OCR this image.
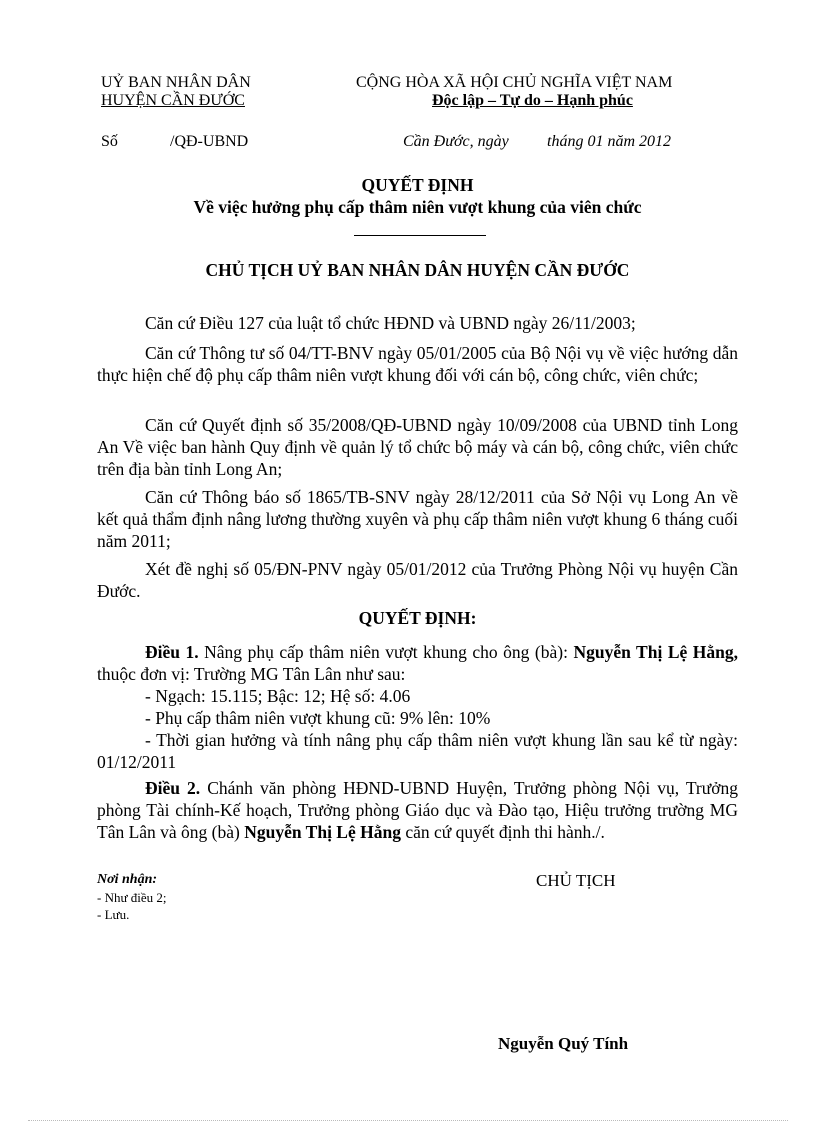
UỶ BAN NHÂN DÂN
HUYỆN CẦN ĐƯỚC
CỘNG HÒA XÃ HỘI CHỦ NGHĨA VIỆT NAM
Độc lập – Tự do – Hạnh phúc
Số	/QĐ-UBND	Cần Đước, ngày tháng 01 năm 2012
QUYẾT ĐỊNH
Về việc hưởng phụ cấp thâm niên vượt khung của viên chức
CHỦ TỊCH UỶ BAN NHÂN DÂN HUYỆN CẦN ĐƯỚC
Căn cứ Điều 127 của luật tổ chức HĐND và UBND ngày 26/11/2003;
Căn cứ Thông tư số 04/TT-BNV ngày 05/01/2005 của Bộ Nội vụ về việc hướng dẫn thực hiện chế độ phụ cấp thâm niên vượt khung đối với cán bộ, công chức, viên chức;
Căn cứ Quyết định số 35/2008/QĐ-UBND ngày 10/09/2008 của UBND tỉnh Long An Về việc ban hành Quy định về quản lý tổ chức bộ máy và cán bộ, công chức, viên chức trên địa bàn tỉnh Long An;
Căn cứ Thông báo số 1865/TB-SNV ngày 28/12/2011 của Sở Nội vụ Long An về kết quả thẩm định nâng lương thường xuyên và phụ cấp thâm niên vượt khung 6 tháng cuối năm 2011;
Xét đề nghị số 05/ĐN-PNV ngày 05/01/2012 của Trưởng Phòng Nội vụ huyện Cần Đước.
QUYẾT ĐỊNH:
Điều 1. Nâng phụ cấp thâm niên vượt khung cho ông (bà): Nguyễn Thị Lệ Hằng, thuộc đơn vị: Trường MG Tân Lân như sau:
- Ngạch: 15.115; Bậc: 12; Hệ số: 4.06
- Phụ cấp thâm niên vượt khung cũ: 9% lên: 10%
- Thời gian hưởng và tính nâng phụ cấp thâm niên vượt khung lần sau kể từ ngày: 01/12/2011
Điều 2. Chánh văn phòng HĐND-UBND Huyện, Trưởng phòng Nội vụ, Trưởng phòng Tài chính-Kế hoạch, Trưởng phòng Giáo dục và Đào tạo, Hiệu trưởng trường MG Tân Lân và ông (bà) Nguyễn Thị Lệ Hằng căn cứ quyết định thi hành./.
Nơi nhận:
- Như điều 2;
- Lưu.
CHỦ TỊCH
Nguyễn Quý Tính
